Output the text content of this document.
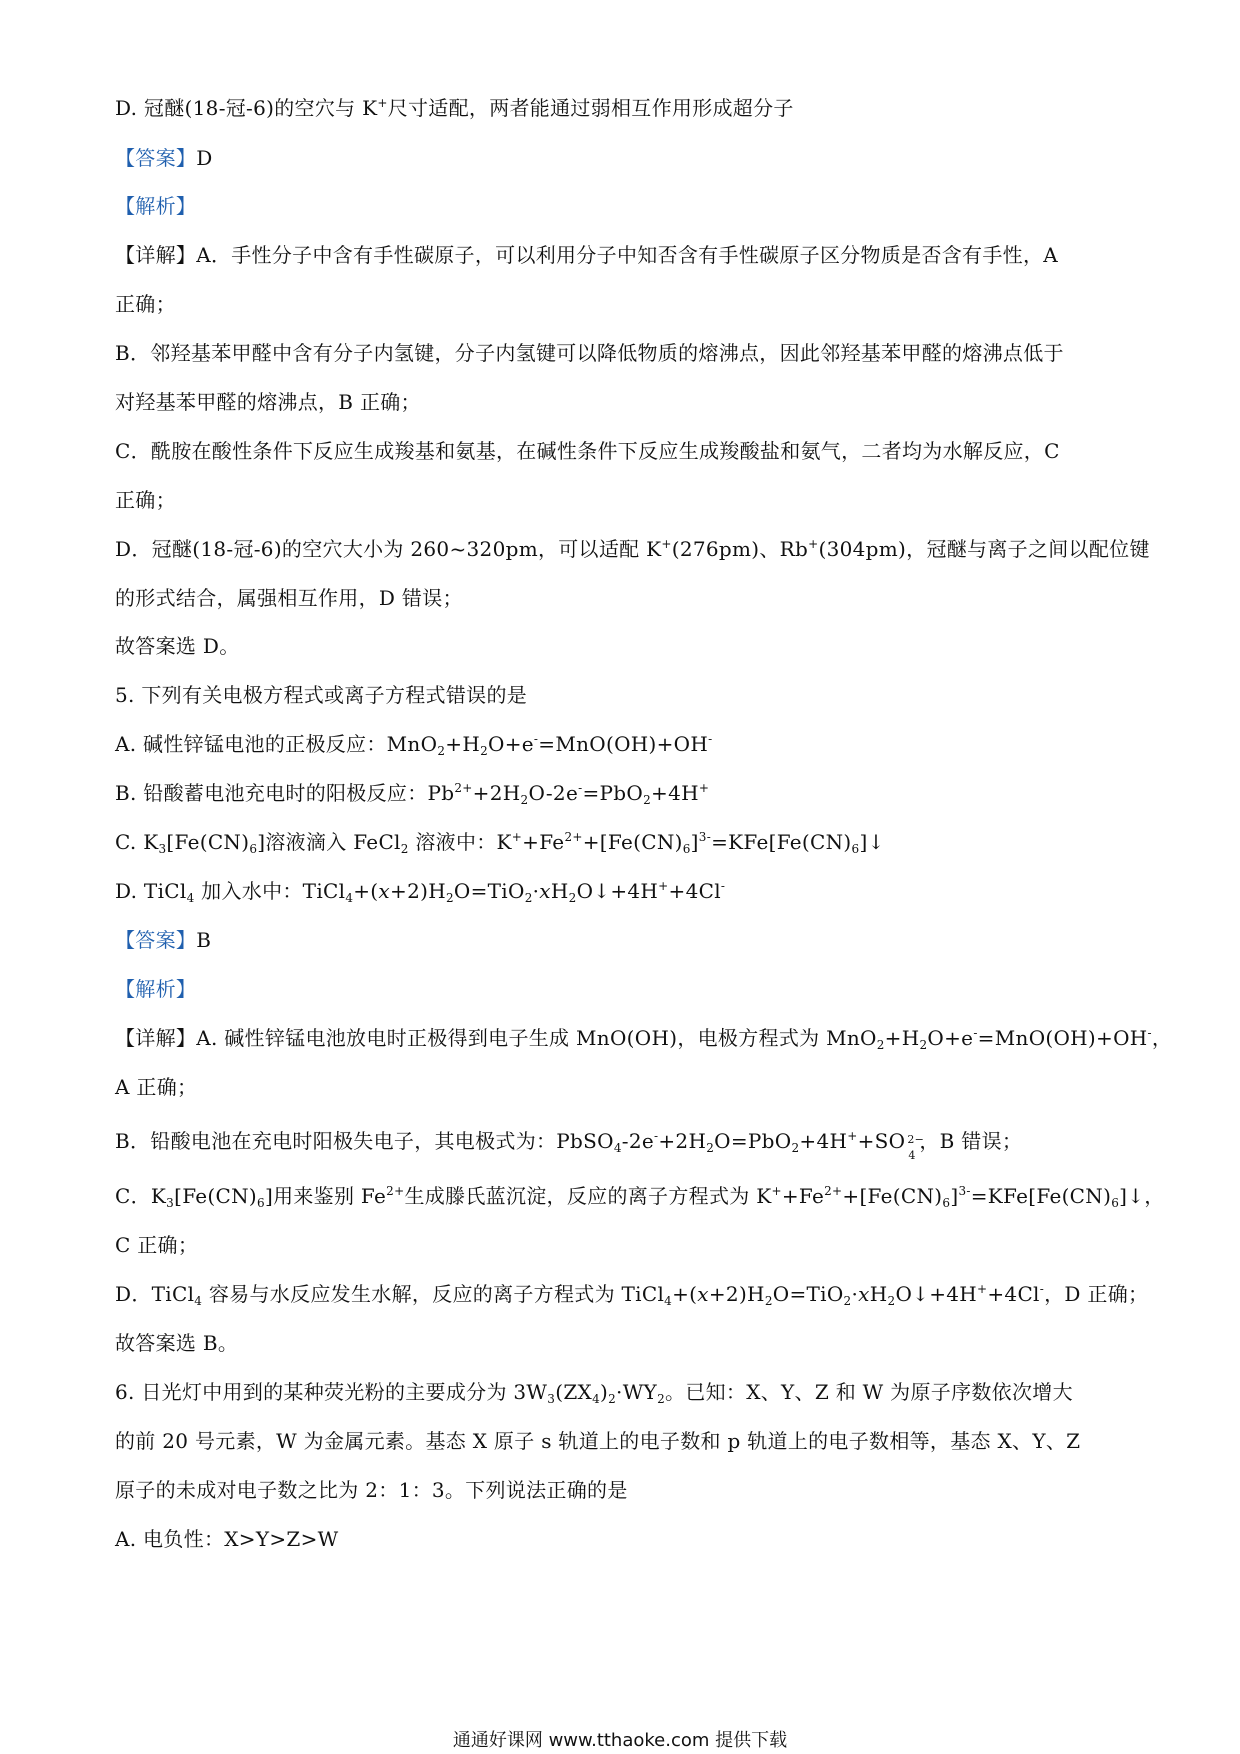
D. 冠醚(18-冠-6)的空穴与 K+尺寸适配，两者能通过弱相互作用形成超分子
【答案】D
【解析】
【详解】A．手性分子中含有手性碳原子，可以利用分子中知否含有手性碳原子区分物质是否含有手性，A
正确；
B．邻羟基苯甲醛中含有分子内氢键，分子内氢键可以降低物质的熔沸点，因此邻羟基苯甲醛的熔沸点低于
对羟基苯甲醛的熔沸点，B 正确；
C．酰胺在酸性条件下反应生成羧基和氨基，在碱性条件下反应生成羧酸盐和氨气，二者均为水解反应，C
正确；
D．冠醚(18-冠-6)的空穴大小为 260~320pm，可以适配 K+(276pm)、Rb+(304pm)，冠醚与离子之间以配位键
的形式结合，属强相互作用，D 错误；
故答案选 D。
5. 下列有关电极方程式或离子方程式错误的是
A. 碱性锌锰电池的正极反应：$MnO_2+H_2O+e^-=MnO(OH)+OH^-$
B. 铅酸蓄电池充电时的阳极反应：$Pb^{2+}+2H_2O-2e^-=PbO_2+4H^+$
C. $K_3[Fe(CN)_6]$溶液滴入 FeCl$_2$ 溶液中：$K^++Fe^{2+}+[Fe(CN)_6]^{3-}=KFe[Fe(CN)_6]↓$
D. TiCl$_4$ 加入水中：$TiCl_4+(x+2)H_2O=TiO_2\cdot xH_2O↓+4H^++4Cl^-$
【答案】B
【解析】
【详解】A. 碱性锌锰电池放电时正极得到电子生成 MnO(OH)，电极方程式为 $MnO_2+H_2O+e^-=MnO(OH)+OH^-$，
A 正确；
B．铅酸电池在充电时阳极失电子，其电极式为：$PbSO_4-2e^-+2H_2O=PbO_2+4H^++SO$ 2−
4
，B 错误；
C．$K_3[Fe(CN)_6]$用来鉴别 $Fe^{2+}$生成滕氏蓝沉淀，反应的离子方程式为 $K^++Fe^{2+}+[Fe(CN)_6]^{3-}=KFe[Fe(CN)_6]↓$，
C 正确；
D．TiCl$_4$ 容易与水反应发生水解，反应的离子方程式为 $TiCl_4+(x+2)H_2O=TiO_2\cdot xH_2O↓+4H^++4Cl^-$，D 正确；
故答案选 B。
6. 日光灯中用到的某种荧光粉的主要成分为 $3W_3(ZX_4)_2\cdot WY_2$。已知：X、Y、Z 和 W 为原子序数依次增大
的前 20 号元素，W 为金属元素。基态 X 原子 s 轨道上的电子数和 p 轨道上的电子数相等，基态 X、Y、Z
原子的未成对电子数之比为 2：1：3。下列说法正确的是
A. 电负性：X>Y>Z>W
通通好课网 www.tthaoke.com 提供下载
